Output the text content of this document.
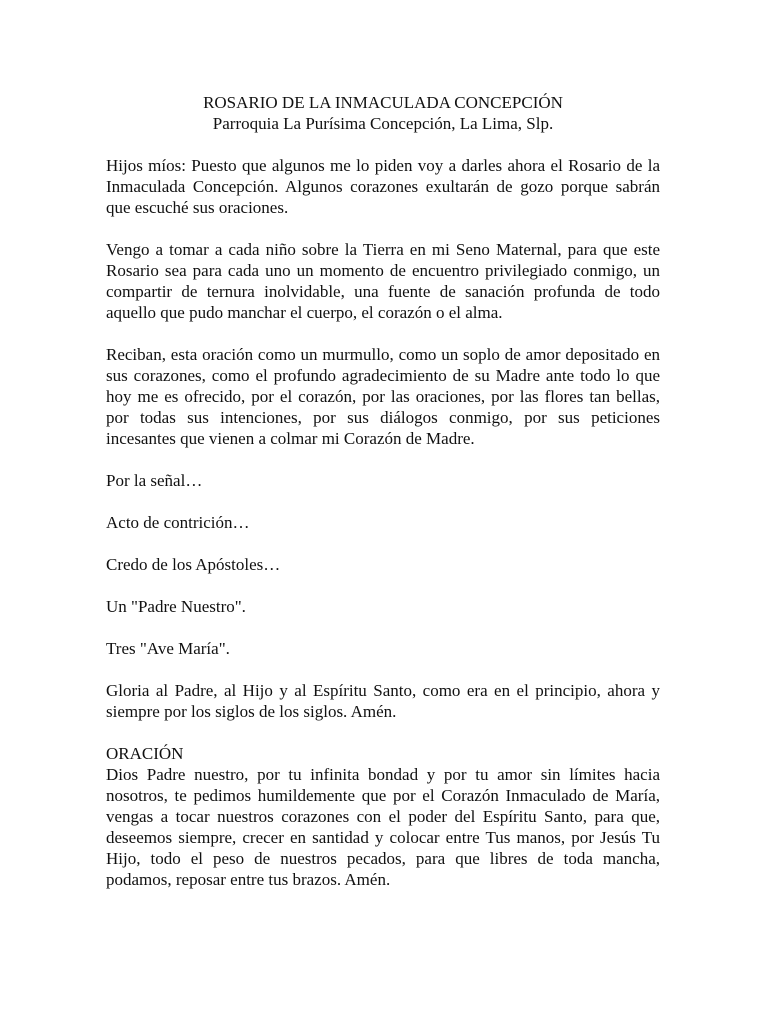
ROSARIO DE LA INMACULADA CONCEPCIÓN
Parroquia La Purísima Concepción, La Lima, Slp.

Hijos míos: Puesto que algunos me lo piden voy a darles ahora el Rosario de la Inmaculada Concepción. Algunos corazones exultarán de gozo porque sabrán que escuché sus oraciones.

Vengo a tomar a cada niño sobre la Tierra en mi Seno Maternal, para que este Rosario sea para cada uno un momento de encuentro privilegiado conmigo, un compartir de ternura inolvidable, una fuente de sanación profunda de todo aquello que pudo manchar el cuerpo, el corazón o el alma.

Reciban, esta oración como un murmullo, como un soplo de amor depositado en sus corazones, como el profundo agradecimiento de su Madre ante todo lo que hoy me es ofrecido, por el corazón, por las oraciones, por las flores tan bellas, por todas sus intenciones, por sus diálogos conmigo, por sus peticiones incesantes que vienen a colmar mi Corazón de Madre.

Por la señal…
Acto de contrición…
Credo de los Apóstoles…
Un "Padre Nuestro".
Tres "Ave María".

Gloria al Padre, al Hijo y al Espíritu Santo, como era en el principio, ahora y siempre por los siglos de los siglos. Amén.

ORACIÓN

Dios Padre nuestro, por tu infinita bondad y por tu amor sin límites hacia nosotros, te pedimos humildemente que por el Corazón Inmaculado de María, vengas a tocar nuestros corazones con el poder del Espíritu Santo, para que, deseemos siempre, crecer en santidad y colocar entre Tus manos, por Jesús Tu Hijo, todo el peso de nuestros pecados, para que libres de toda mancha, podamos, reposar entre tus brazos. Amén.
